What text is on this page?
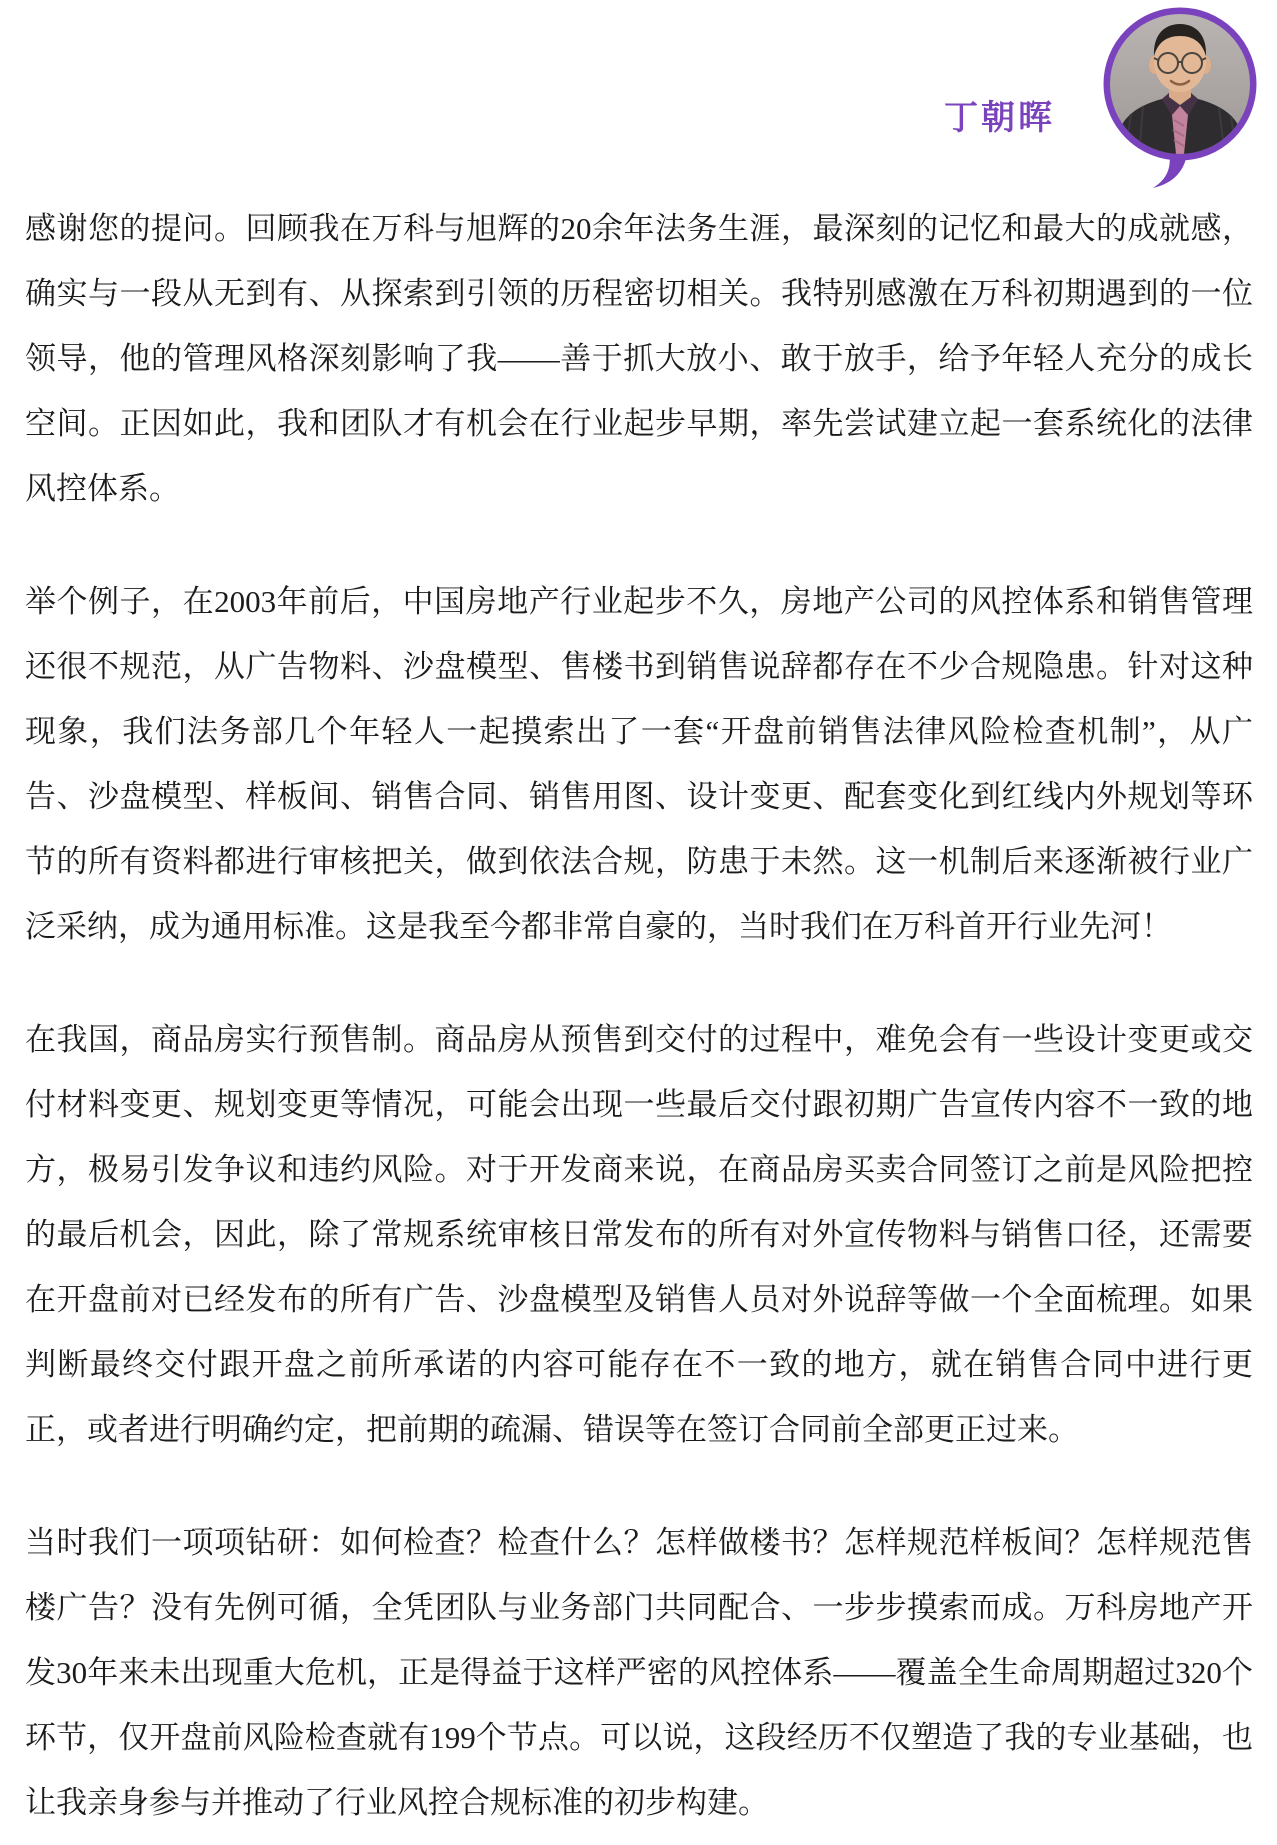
丁朝晖

感谢您的提问。回顾我在万科与旭辉的20余年法务生涯，最深刻的记忆和最大的成就感，确实与一段从无到有、从探索到引领的历程密切相关。我特别感激在万科初期遇到的一位领导，他的管理风格深刻影响了我——善于抓大放小、敢于放手，给予年轻人充分的成长空间。正因如此，我和团队才有机会在行业起步早期，率先尝试建立起一套系统化的法律风控体系。

举个例子，在2003年前后，中国房地产行业起步不久，房地产公司的风控体系和销售管理还很不规范，从广告物料、沙盘模型、售楼书到销售说辞都存在不少合规隐患。针对这种现象，我们法务部几个年轻人一起摸索出了一套“开盘前销售法律风险检查机制”，从广告、沙盘模型、样板间、销售合同、销售用图、设计变更、配套变化到红线内外规划等环节的所有资料都进行审核把关，做到依法合规，防患于未然。这一机制后来逐渐被行业广泛采纳，成为通用标准。这是我至今都非常自豪的，当时我们在万科首开行业先河！

在我国，商品房实行预售制。商品房从预售到交付的过程中，难免会有一些设计变更或交付材料变更、规划变更等情况，可能会出现一些最后交付跟初期广告宣传内容不一致的地方，极易引发争议和违约风险。对于开发商来说，在商品房买卖合同签订之前是风险把控的最后机会，因此，除了常规系统审核日常发布的所有对外宣传物料与销售口径，还需要在开盘前对已经发布的所有广告、沙盘模型及销售人员对外说辞等做一个全面梳理。如果判断最终交付跟开盘之前所承诺的内容可能存在不一致的地方，就在销售合同中进行更正，或者进行明确约定，把前期的疏漏、错误等在签订合同前全部更正过来。

当时我们一项项钻研：如何检查？检查什么？怎样做楼书？怎样规范样板间？怎样规范售楼广告？没有先例可循，全凭团队与业务部门共同配合、一步步摸索而成。万科房地产开发30年来未出现重大危机，正是得益于这样严密的风控体系——覆盖全生命周期超过320个环节，仅开盘前风险检查就有199个节点。可以说，这段经历不仅塑造了我的专业基础，也让我亲身参与并推动了行业风控合规标准的初步构建。
